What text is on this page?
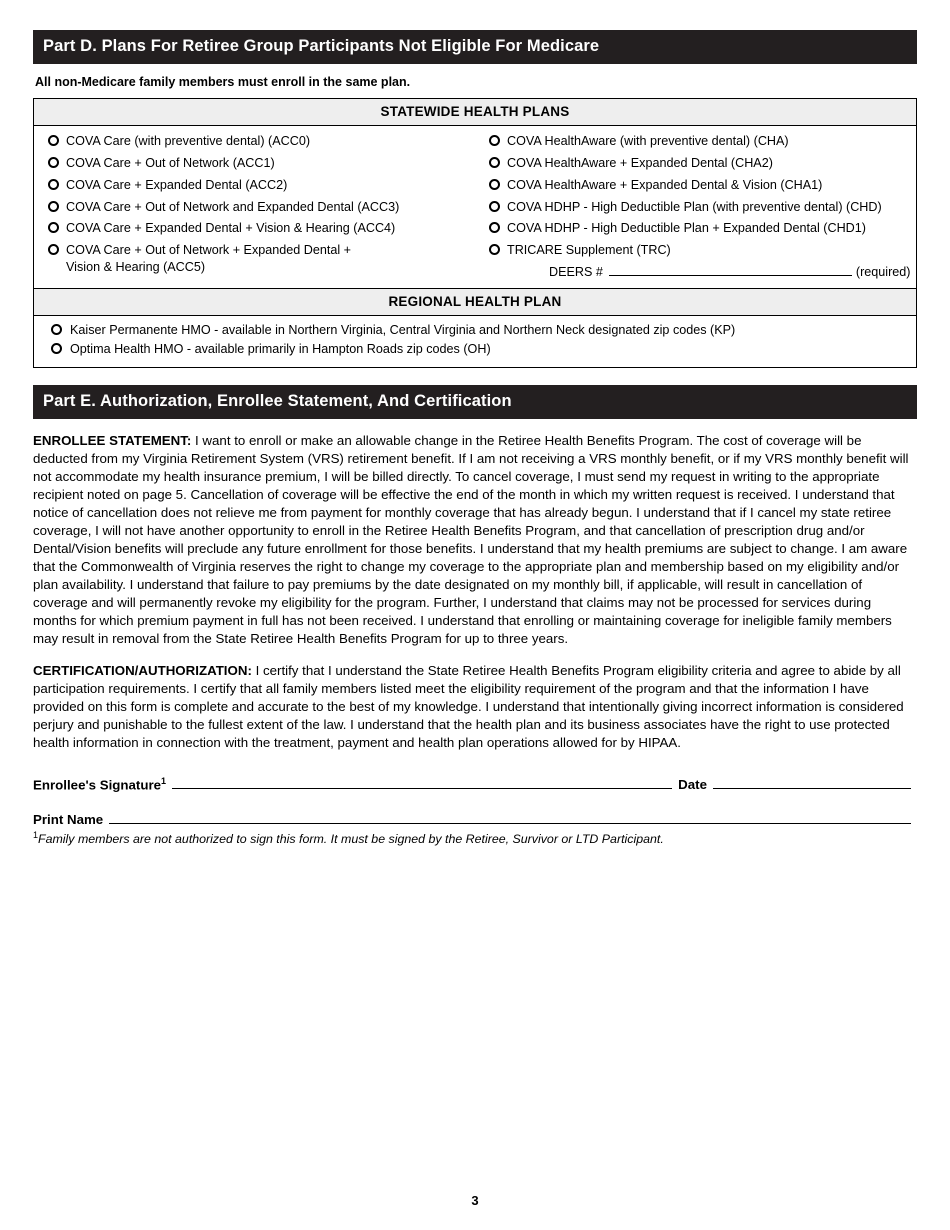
Part D. Plans For Retiree Group Participants Not Eligible For Medicare
All non-Medicare family members must enroll in the same plan.
STATEWIDE HEALTH PLANS
COVA Care (with preventive dental) (ACC0)
COVA Care + Out of Network (ACC1)
COVA Care + Expanded Dental (ACC2)
COVA Care + Out of Network and Expanded Dental (ACC3)
COVA Care + Expanded Dental + Vision & Hearing (ACC4)
COVA Care + Out of Network + Expanded Dental +
Vision & Hearing (ACC5)
COVA HealthAware (with preventive dental) (CHA)
COVA HealthAware + Expanded Dental (CHA2)
COVA HealthAware + Expanded Dental & Vision (CHA1)
COVA HDHP - High Deductible Plan (with preventive dental) (CHD)
COVA HDHP - High Deductible Plan + Expanded Dental (CHD1)
TRICARE Supplement (TRC)
DEERS #	(required)
REGIONAL HEALTH PLAN
Kaiser Permanente HMO - available in Northern Virginia, Central Virginia and Northern Neck designated zip codes (KP)
Optima Health HMO - available primarily in Hampton Roads zip codes (OH)
Part E. Authorization, Enrollee Statement, And Certification

ENROLLEE STATEMENT: I want to enroll or make an allowable change in the Retiree Health Benefits Program. The cost of coverage will be deducted from my Virginia Retirement System (VRS) retirement benefit. If I am not receiving a VRS monthly benefit, or if my VRS monthly benefit will not accommodate my health insurance premium, I will be billed directly. To cancel coverage, I must send my request in writing to the appropriate recipient noted on page 5. Cancellation of coverage will be effective the end of the month in which my written request is received. I understand that notice of cancellation does not relieve me from payment for monthly coverage that has already begun. I understand that if I cancel my state retiree coverage, I will not have another opportunity to enroll in the Retiree Health Benefits Program, and that cancellation of prescription drug and/or Dental/Vision benefits will preclude any future enrollment for those benefits. I understand that my health premiums are subject to change. I am aware that the Commonwealth of Virginia reserves the right to change my coverage to the appropriate plan and membership based on my eligibility and/or plan availability. I understand that failure to pay premiums by the date designated on my monthly bill, if applicable, will result in cancellation of coverage and will permanently revoke my eligibility for the program. Further, I understand that claims may not be processed for services during months for which premium payment in full has not been received. I understand that enrolling or maintaining coverage for ineligible family members may result in removal from the State Retiree Health Benefits Program for up to three years.

CERTIFICATION/AUTHORIZATION: I certify that I understand the State Retiree Health Benefits Program eligibility criteria and agree to abide by all participation requirements. I certify that all family members listed meet the eligibility requirement of the program and that the information I have provided on this form is complete and accurate to the best of my knowledge. I understand that intentionally giving incorrect information is considered perjury and punishable to the fullest extent of the law. I understand that the health plan and its business associates have the right to use protected health information in connection with the treatment, payment and health plan operations allowed for by HIPAA.

Enrollee's Signature$^1$	Date
Print Name
$^1$Family members are not authorized to sign this form. It must be signed by the Retiree, Survivor or LTD Participant.
3
